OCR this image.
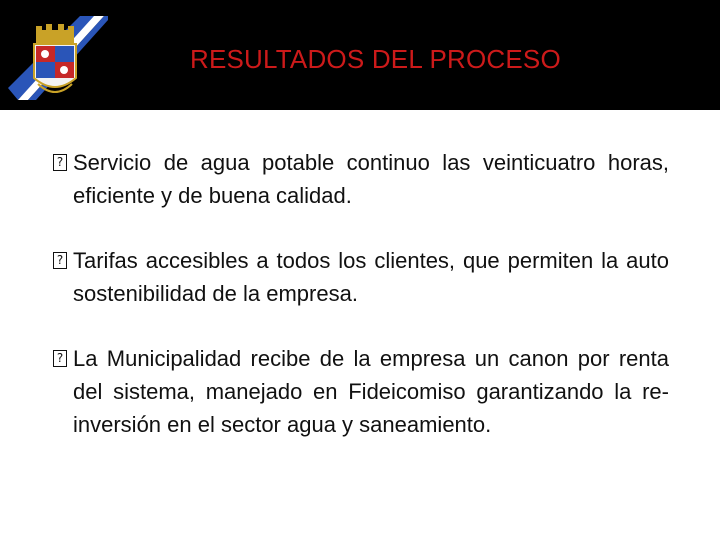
RESULTADOS DEL PROCESO
? Servicio de agua potable continuo las veinticuatro horas, eficiente y de buena calidad.
? Tarifas accesibles a todos los clientes, que permiten la auto sostenibilidad de la empresa.
? La Municipalidad recibe de la empresa un canon por renta del sistema, manejado en Fideicomiso garantizando la re-inversión en el sector agua y saneamiento.
